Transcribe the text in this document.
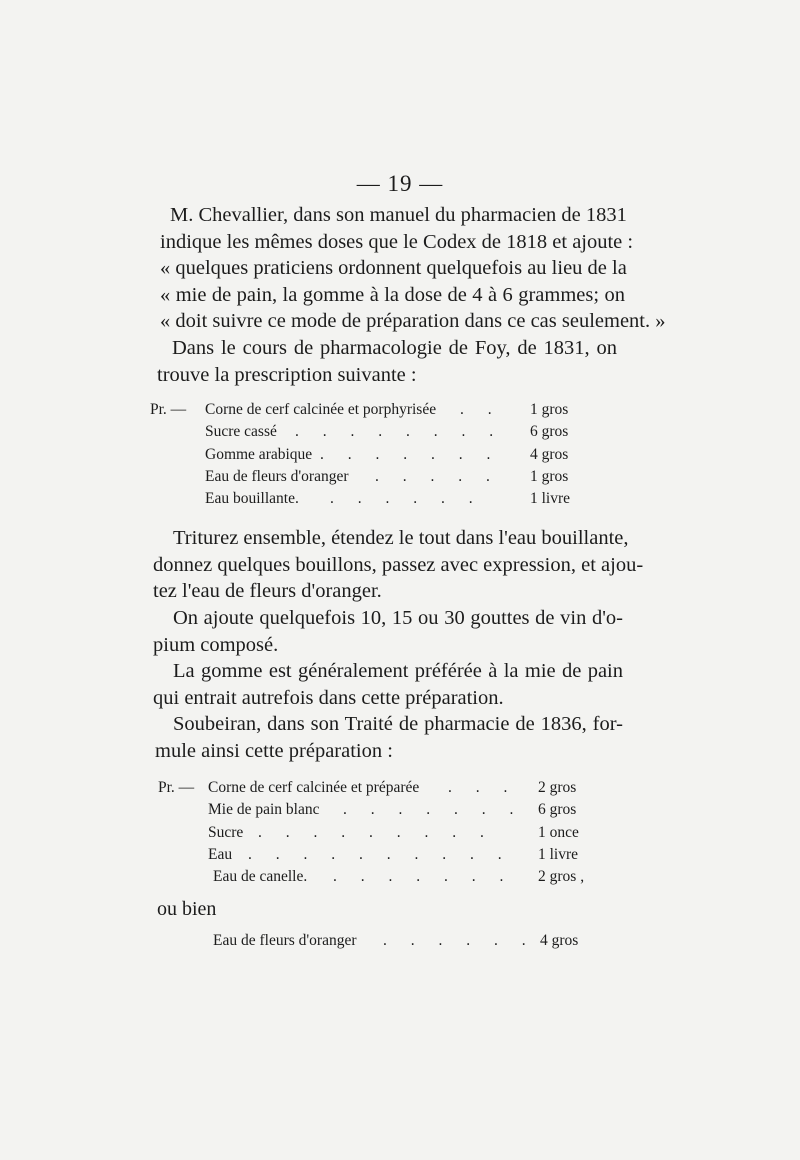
— 19 —
M. Chevallier, dans son manuel du pharmacien de 1831
indique les mêmes doses que le Codex de 1818 et ajoute :
« quelques praticiens ordonnent quelquefois au lieu de la
« mie de pain, la gomme à la dose de 4 à 6 grammes; on
« doit suivre ce mode de préparation dans ce cas seulement. »
Dans le cours de pharmacologie de Foy, de 1831, on
trouve la prescription suivante :
Pr. — Corne de cerf calcinée et porphyrisée . . 1 gros
Sucre cassé . . . . . . . . 6 gros
Gomme arabique . . . . . . . 4 gros
Eau de fleurs d'oranger . . . . . 1 gros
Eau bouillante. . . . . . .	1 livre
Triturez ensemble, étendez le tout dans l'eau bouillante,
donnez quelques bouillons, passez avec expression, et ajou-
tez l'eau de fleurs d'oranger.
On ajoute quelquefois 10, 15 ou 30 gouttes de vin d'o-
pium composé.
La gomme est généralement préférée à la mie de pain
qui entrait autrefois dans cette préparation.
Soubeiran, dans son Traité de pharmacie de 1836, for-
mule ainsi cette préparation :
Pr. — Corne de cerf calcinée et préparée . . . 2 gros
Mie de pain blanc . . . . . . . 6 gros
Sucre . . . . . . . . .	1 once
Eau . . . . . . . . . . 1 livre
Eau de canelle. . . . . . . . 2 gros ,
ou bien
Eau de fleurs d'oranger . . . . . . 4 gros
